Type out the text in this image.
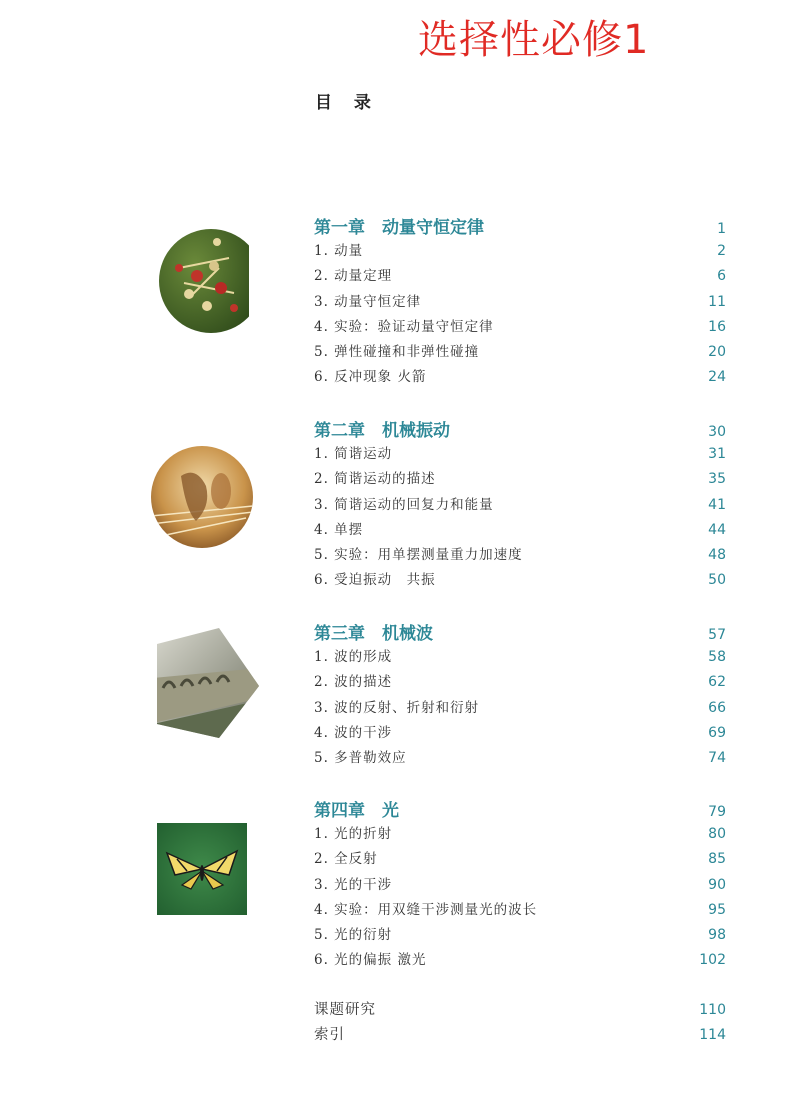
选择性必修1
目 录
第一章　动量守恒定律	1
1. 动量	2
2. 动量定理	6
3. 动量守恒定律	11
4. 实验：验证动量守恒定律	16
5. 弹性碰撞和非弹性碰撞	20
6. 反冲现象 火箭	24
第二章　机械振动	30
1. 简谐运动	31
2. 简谐运动的描述	35
3. 简谐运动的回复力和能量	41
4. 单摆	44
5. 实验：用单摆测量重力加速度	48
6. 受迫振动　共振	50
第三章　机械波	57
1. 波的形成	58
2. 波的描述	62
3. 波的反射、折射和衍射	66
4. 波的干涉	69
5. 多普勒效应	74
第四章　光	79
1. 光的折射	80
2. 全反射	85
3. 光的干涉	90
4. 实验：用双缝干涉测量光的波长	95
5. 光的衍射	98
6. 光的偏振 激光	102
课题研究	110
索引	114
